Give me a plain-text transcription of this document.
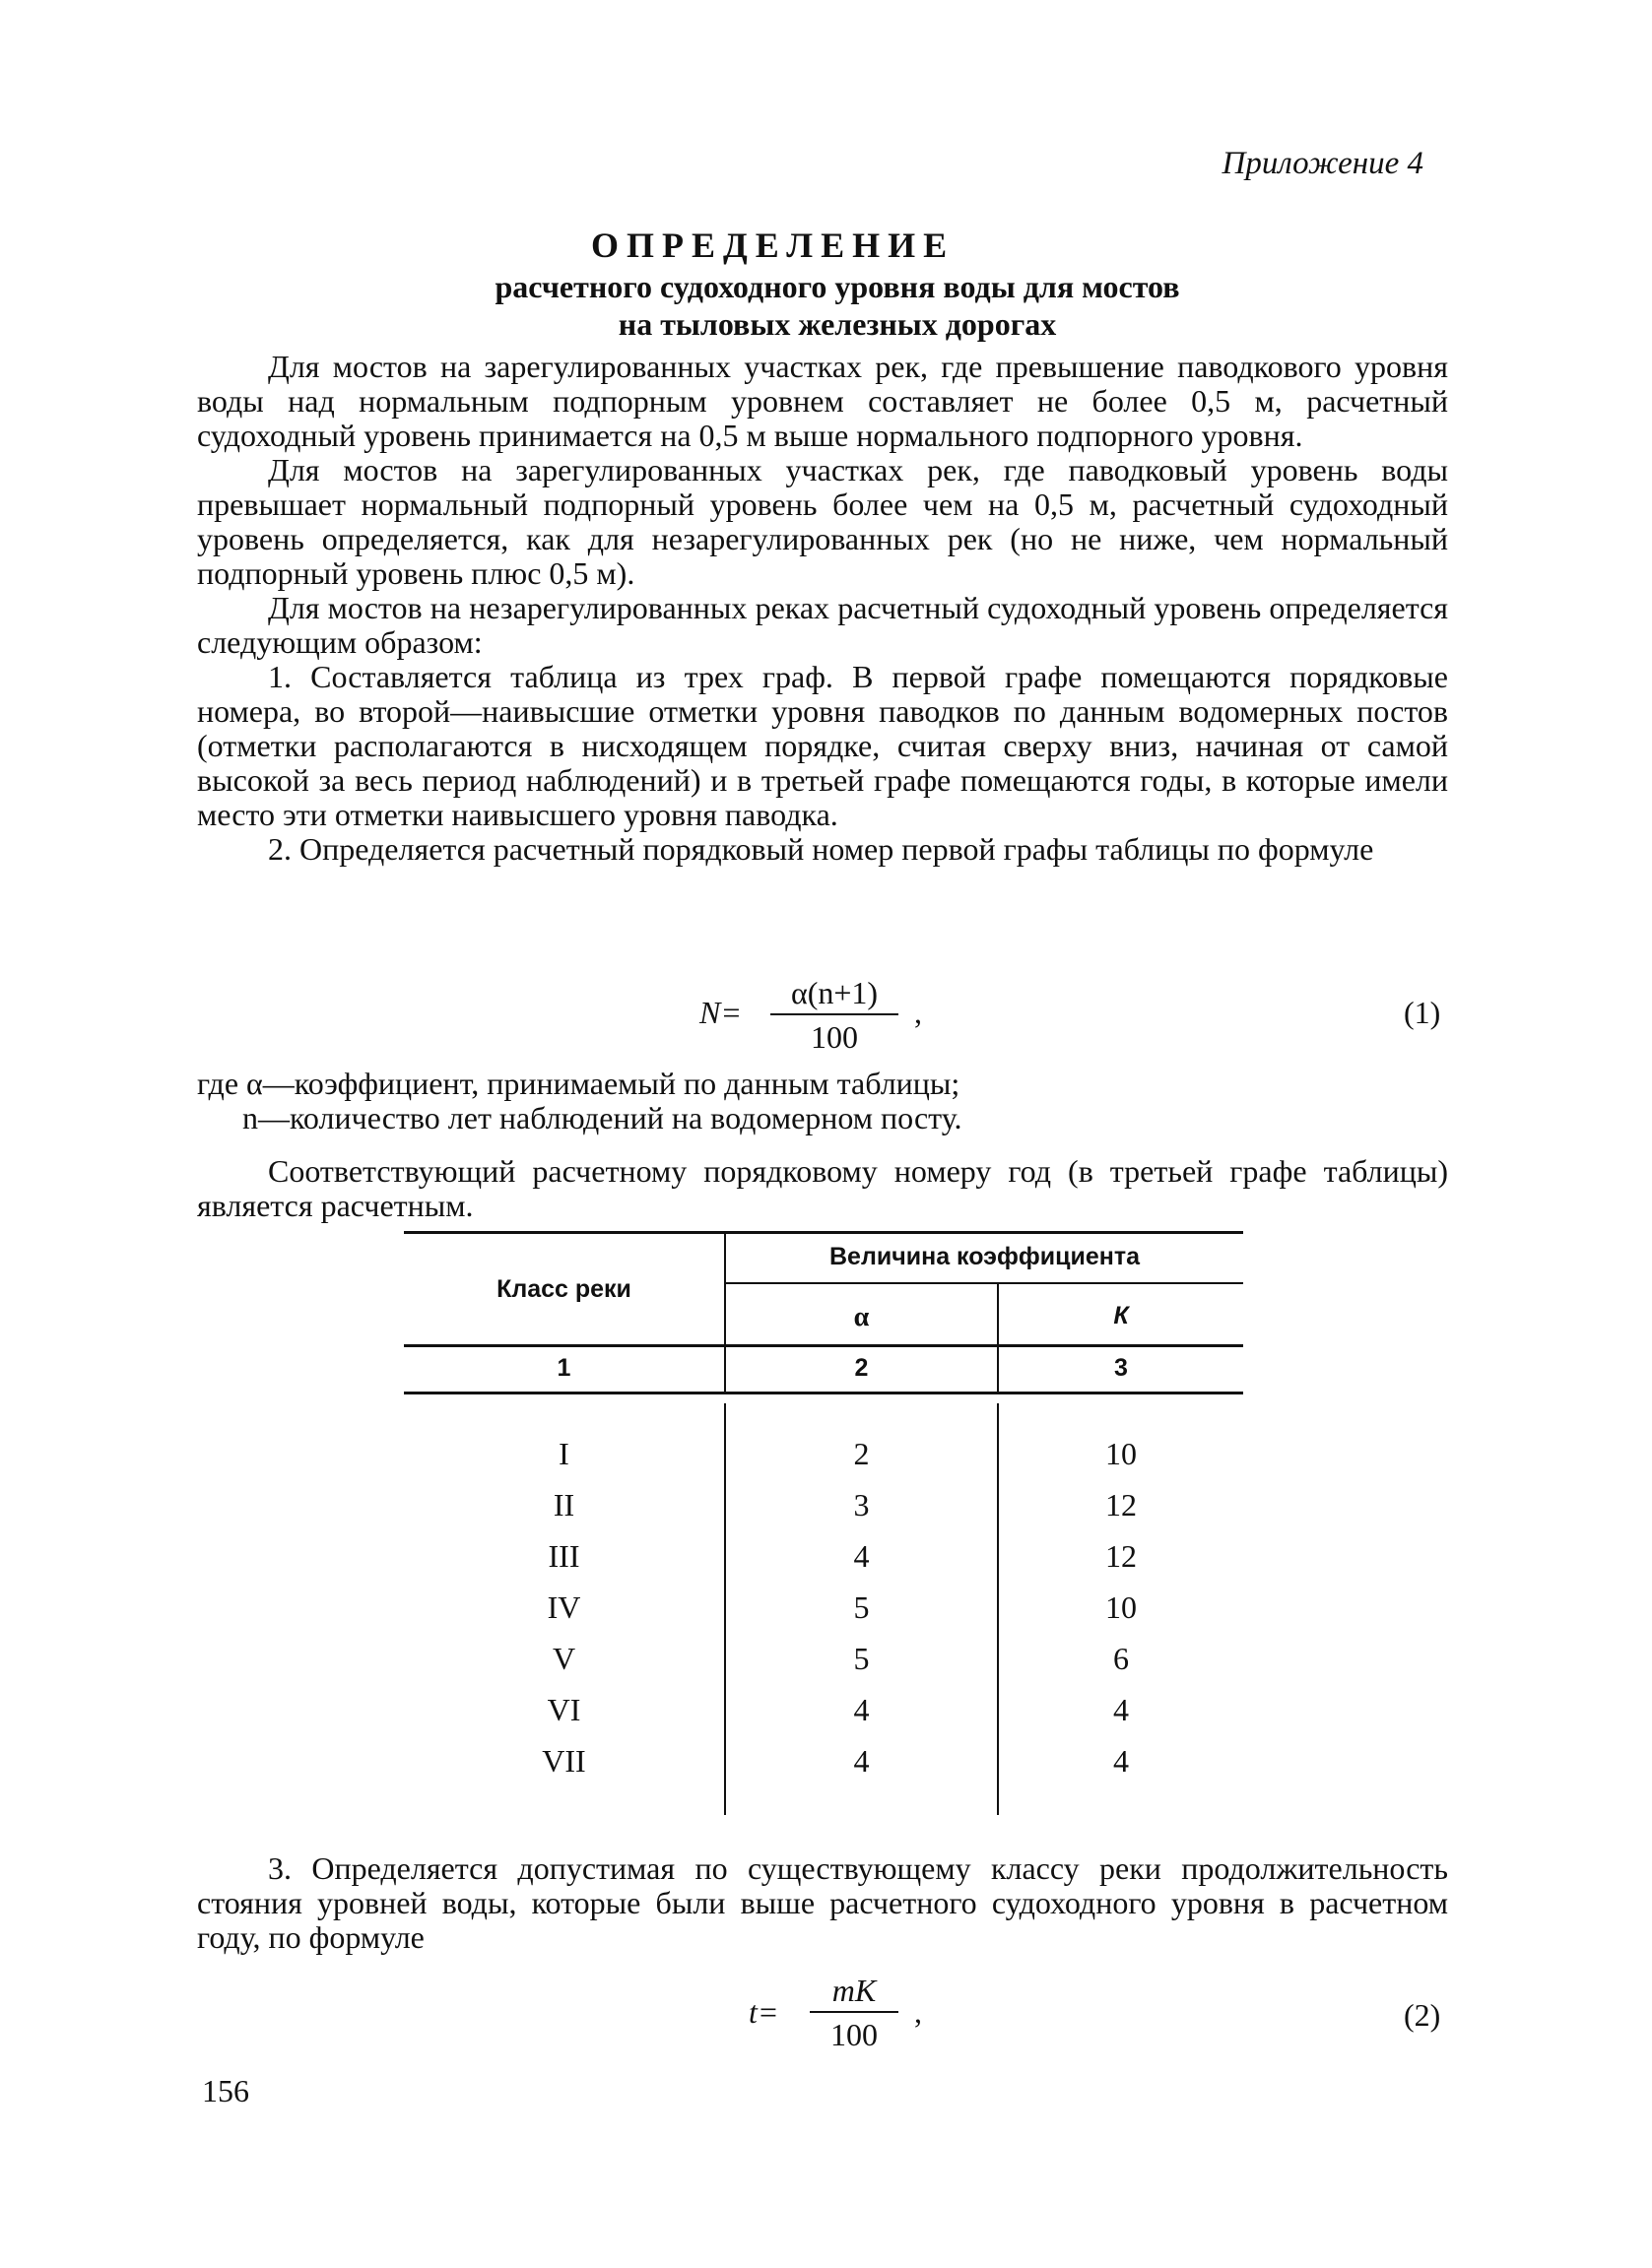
Приложение 4
ОПРЕДЕЛЕНИЕ
расчетного судоходного уровня воды для мостов
на тыловых железных дорогах

Для мостов на зарегулированных участках рек, где превышение паводкового уровня воды над нормальным подпорным уровнем составляет не более 0,5 м, расчетный судоходный уровень принимается на 0,5 м выше нормального подпорного уровня.

Для мостов на зарегулированных участках рек, где паводковый уровень воды превышает нормальный подпорный уровень более чем на 0,5 м, расчетный судоходный уровень определяется, как для незарегулированных рек (но не ниже, чем нормальный подпорный уровень плюс 0,5 м).

Для мостов на незарегулированных реках расчетный судоходный уровень определяется следующим образом:

1. Составляется таблица из трех граф. В первой графе помещаются порядковые номера, во второй—наивысшие отметки уровня паводков по данным водомерных постов (отметки располагаются в нисходящем порядке, считая сверху вниз, начиная от самой высокой за весь период наблюдений) и в третьей графе помещаются годы, в которые имели место эти отметки наивысшего уровня паводка.

2. Определяется расчетный порядковый номер первой графы таблицы по формуле

$N= \frac{\alpha(n+1)}{100}$ ,	(1)

где α—коэффициент, принимаемый по данным таблицы;

n—количество лет наблюдений на водомерном посту.

Соответствующий расчетному порядковому номеру год (в третьей графе таблицы) является расчетным.

Класс реки
Величина коэффициента
α	К
1	2	3
I	2	10
II	3	12
III	4	12
IV	5	10
V	5	6
VI	4	4
VII	4	4

3. Определяется допустимая по существующему классу реки продолжительность стояния уровней воды, которые были выше расчетного судоходного уровня в расчетном году, по формуле

$t= \frac{mK}{100}$ ,	(2)
156
